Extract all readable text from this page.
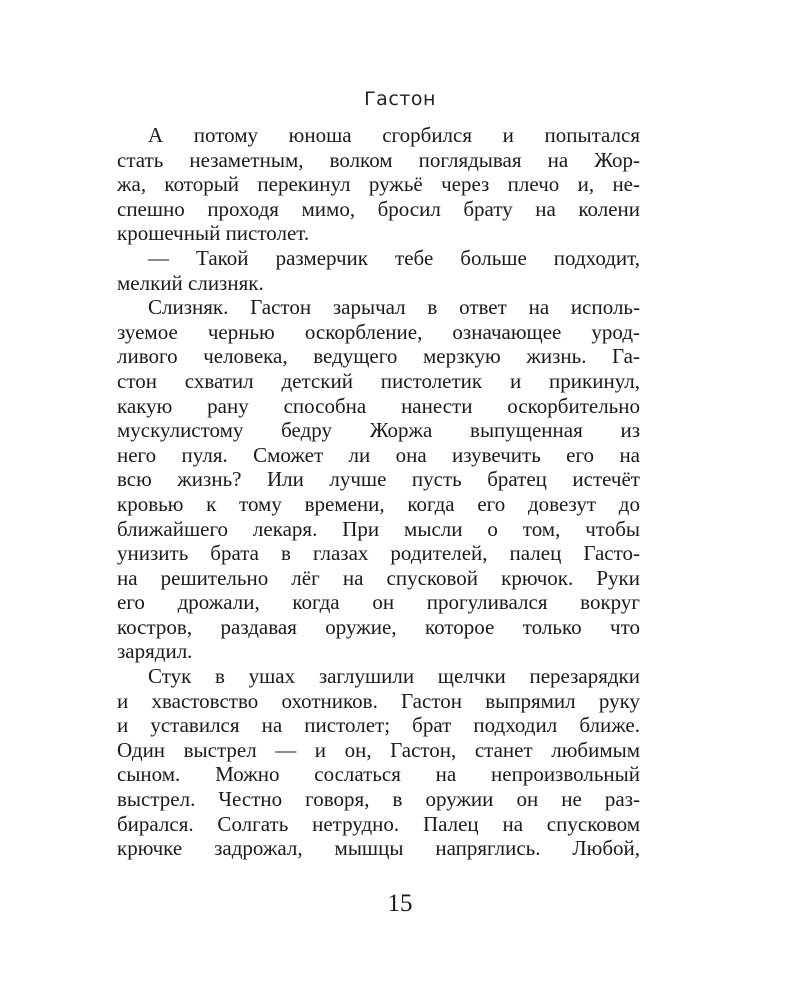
Гастон
А потому юноша сгорбился и попытался
стать незаметным, волком поглядывая на Жор-
жа, который перекинул ружьё через плечо и, не-
спешно проходя мимо, бросил брату на колени
крошечный пистолет.
— Такой размерчик тебе больше подходит,
мелкий слизняк.
Слизняк. Гастон зарычал в ответ на исполь-
зуемое чернью оскорбление, означающее урод-
ливого человека, ведущего мерзкую жизнь. Га-
стон схватил детский пистолетик и прикинул,
какую рану способна нанести оскорбительно
мускулистому бедру Жоржа выпущенная из
него пуля. Сможет ли она изувечить его на
всю жизнь? Или лучше пусть братец истечёт
кровью к тому времени, когда его довезут до
ближайшего лекаря. При мысли о том, чтобы
унизить брата в глазах родителей, палец Гасто-
на решительно лёг на спусковой крючок. Руки
его дрожали, когда он прогуливался вокруг
костров, раздавая оружие, которое только что
зарядил.
Стук в ушах заглушили щелчки перезарядки
и хвастовство охотников. Гастон выпрямил руку
и уставился на пистолет; брат подходил ближе.
Один выстрел — и он, Гастон, станет любимым
сыном. Можно сослаться на непроизвольный
выстрел. Честно говоря, в оружии он не раз-
бирался. Солгать нетрудно. Палец на спусковом
крючке задрожал, мышцы напряглись. Любой,
15
